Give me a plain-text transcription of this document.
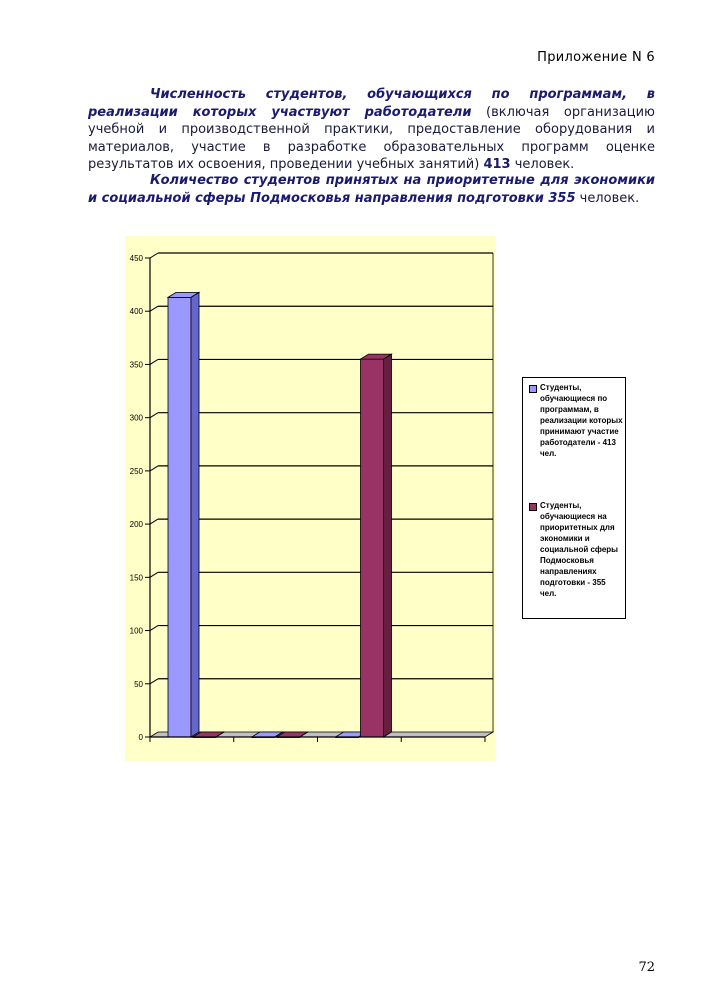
Приложение N 6
Численность студентов, обучающихся по программам, в реализации которых участвуют работодатели (включая организацию учебной и производственной практики, предоставление оборудования и материалов, участие в разработке образовательных программ оценке результатов их освоения, проведении учебных занятий) 413 человек.
Количество студентов принятых на приоритетные для экономики и социальной сферы Подмосковья направления подготовки 355 человек.
0
50
100
150
200
250
300
350
400
450
Студенты, обучающиеся по программам, в реализации которых принимают участие работодатели - 413 чел.
Студенты, обучающиеся на приоритетных для экономики и социальной сферы Подмосковья направлениях подготовки - 355 чел.
72
